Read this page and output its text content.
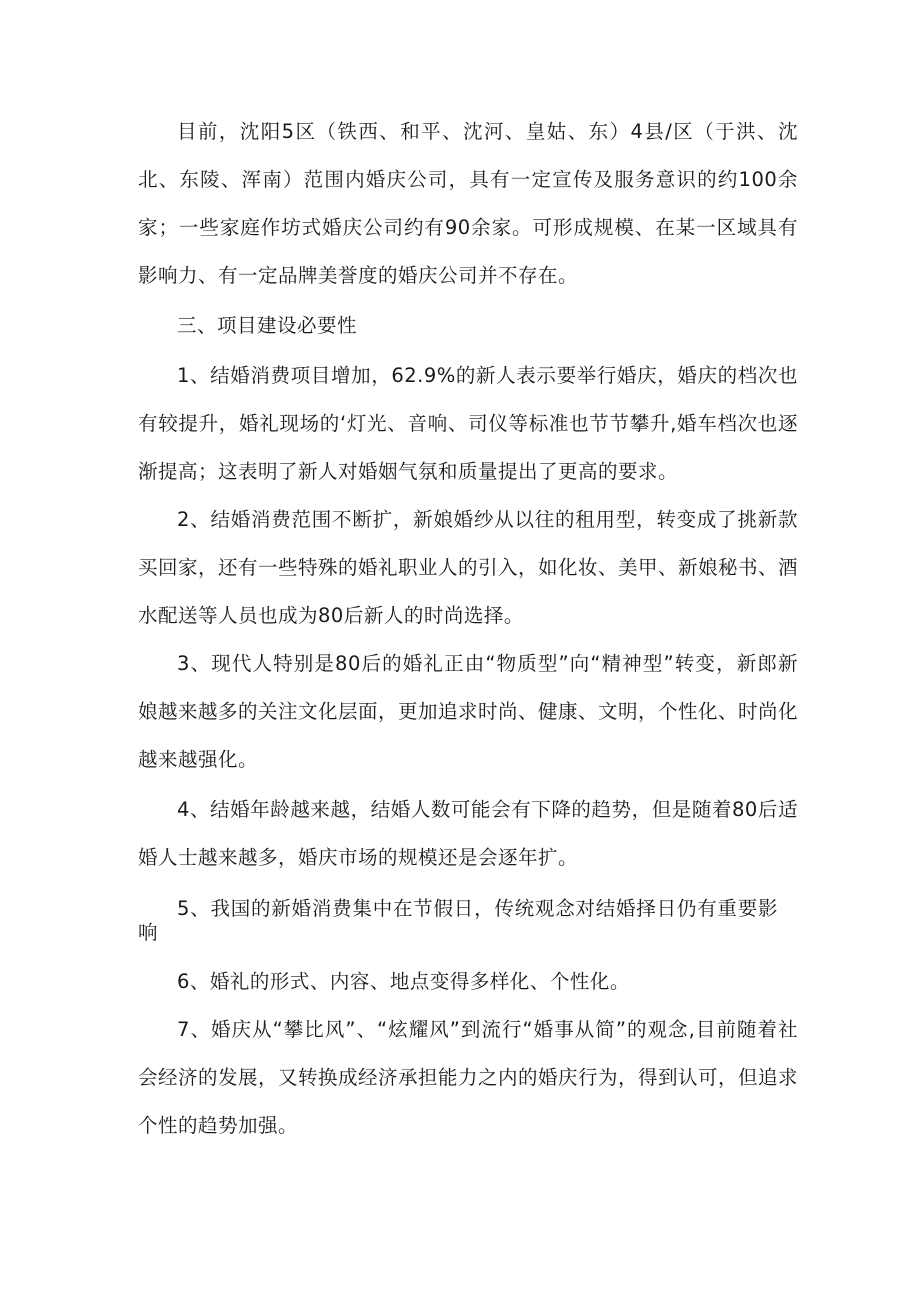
目前，沈阳5区（铁西、和平、沈河、皇姑、东）4县/区（于洪、沈北、东陵、浑南）范围内婚庆公司，具有一定宣传及服务意识的约100余家；一些家庭作坊式婚庆公司约有90余家。可形成规模、在某一区域具有影响力、有一定品牌美誉度的婚庆公司并不存在。

三、项目建设必要性

1、结婚消费项目增加，62.9%的新人表示要举行婚庆，婚庆的档次也有较提升，婚礼现场的‘灯光、音响、司仪等标准也节节攀升,婚车档次也逐渐提高；这表明了新人对婚姻气氛和质量提出了更高的要求。

2、结婚消费范围不断扩，新娘婚纱从以往的租用型，转变成了挑新款买回家，还有一些特殊的婚礼职业人的引入，如化妆、美甲、新娘秘书、酒水配送等人员也成为80后新人的时尚选择。

3、现代人特别是80后的婚礼正由“物质型”向“精神型”转变，新郎新娘越来越多的关注文化层面，更加追求时尚、健康、文明，个性化、时尚化越来越强化。

4、结婚年龄越来越，结婚人数可能会有下降的趋势，但是随着80后适婚人士越来越多，婚庆市场的规模还是会逐年扩。

5、我国的新婚消费集中在节假日，传统观念对结婚择日仍有重要影响

6、婚礼的形式、内容、地点变得多样化、个性化。

7、婚庆从“攀比风”、“炫耀风”到流行“婚事从简”的观念,目前随着社会经济的发展，又转换成经济承担能力之内的婚庆行为，得到认可，但追求个性的趋势加强。
